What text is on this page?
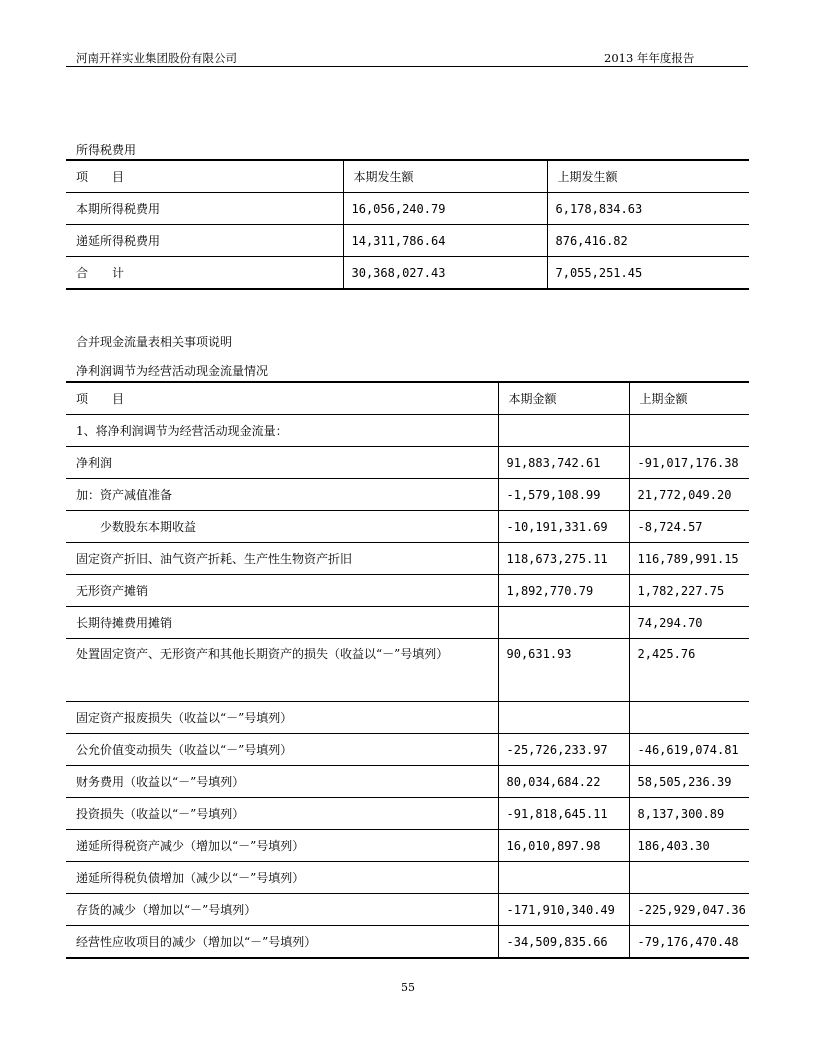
河南开祥实业集团股份有限公司	2013 年年度报告
所得税费用
项　　目	本期发生额	上期发生额
本期所得税费用	16,056,240.79	6,178,834.63
递延所得税费用	14,311,786.64	876,416.82
合　　计	30,368,027.43	7,055,251.45
合并现金流量表相关事项说明
净利润调节为经营活动现金流量情况
项　　目	本期金额	上期金额
1、将净利润调节为经营活动现金流量：		
净利润	91,883,742.61	-91,017,176.38
加：资产减值准备	-1,579,108.99	21,772,049.20
少数股东本期收益	-10,191,331.69	-8,724.57
固定资产折旧、油气资产折耗、生产性生物资产折旧	118,673,275.11	116,789,991.15
无形资产摊销	1,892,770.79	1,782,227.75
长期待摊费用摊销		74,294.70
处置固定资产、无形资产和其他长期资产的损失（收益以“－”号填列）	90,631.93	2,425.76
固定资产报废损失（收益以“－”号填列）		
公允价值变动损失（收益以“－”号填列）	-25,726,233.97	-46,619,074.81
财务费用（收益以“－”号填列）	80,034,684.22	58,505,236.39
投资损失（收益以“－”号填列）	-91,818,645.11	8,137,300.89
递延所得税资产减少（增加以“－”号填列）	16,010,897.98	186,403.30
递延所得税负债增加（减少以“－”号填列）		
存货的减少（增加以“－”号填列）	-171,910,340.49	-225,929,047.36
经营性应收项目的减少（增加以“－”号填列）	-34,509,835.66	-79,176,470.48
55
